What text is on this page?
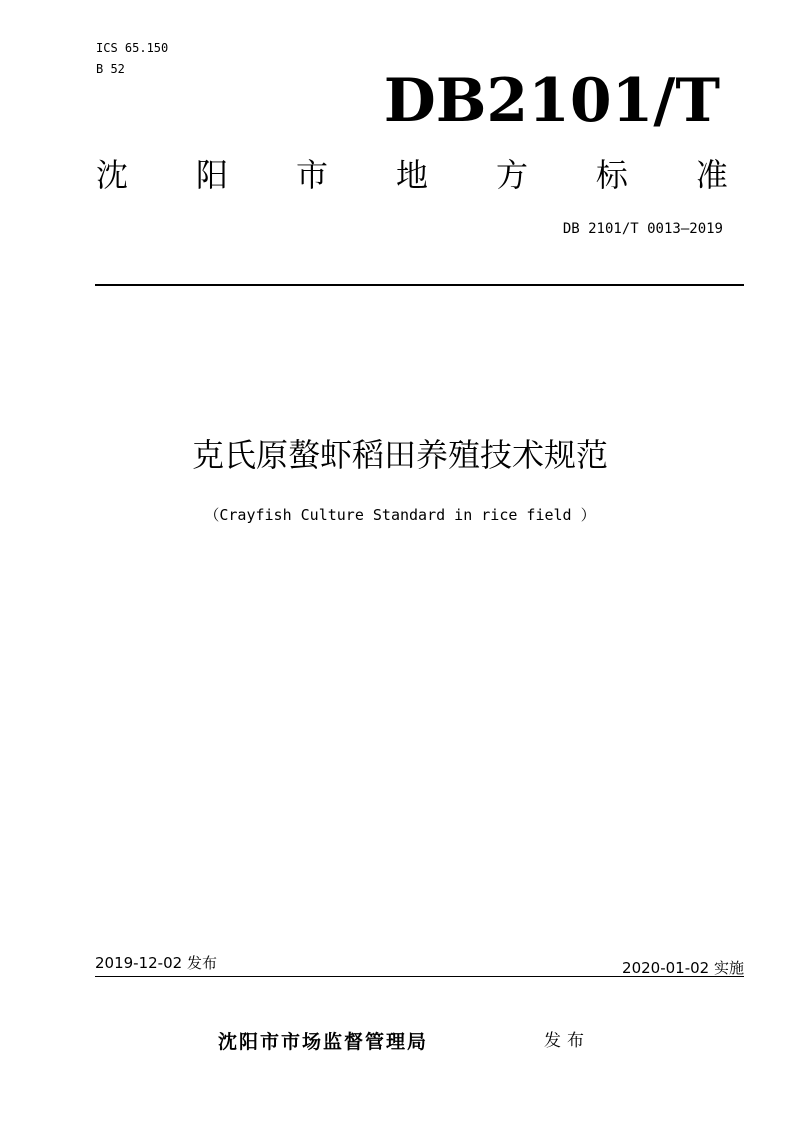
ICS 65.150
B 52	DB2101/T
沈 阳 市 地 方 标 准
DB 2101/T 0013—2019
克氏原螯虾稻田养殖技术规范
（Crayfish Culture Standard in rice field ）
2019-12-02 发布	2020-01-02 实施
沈阳市市场监督管理局	发布
